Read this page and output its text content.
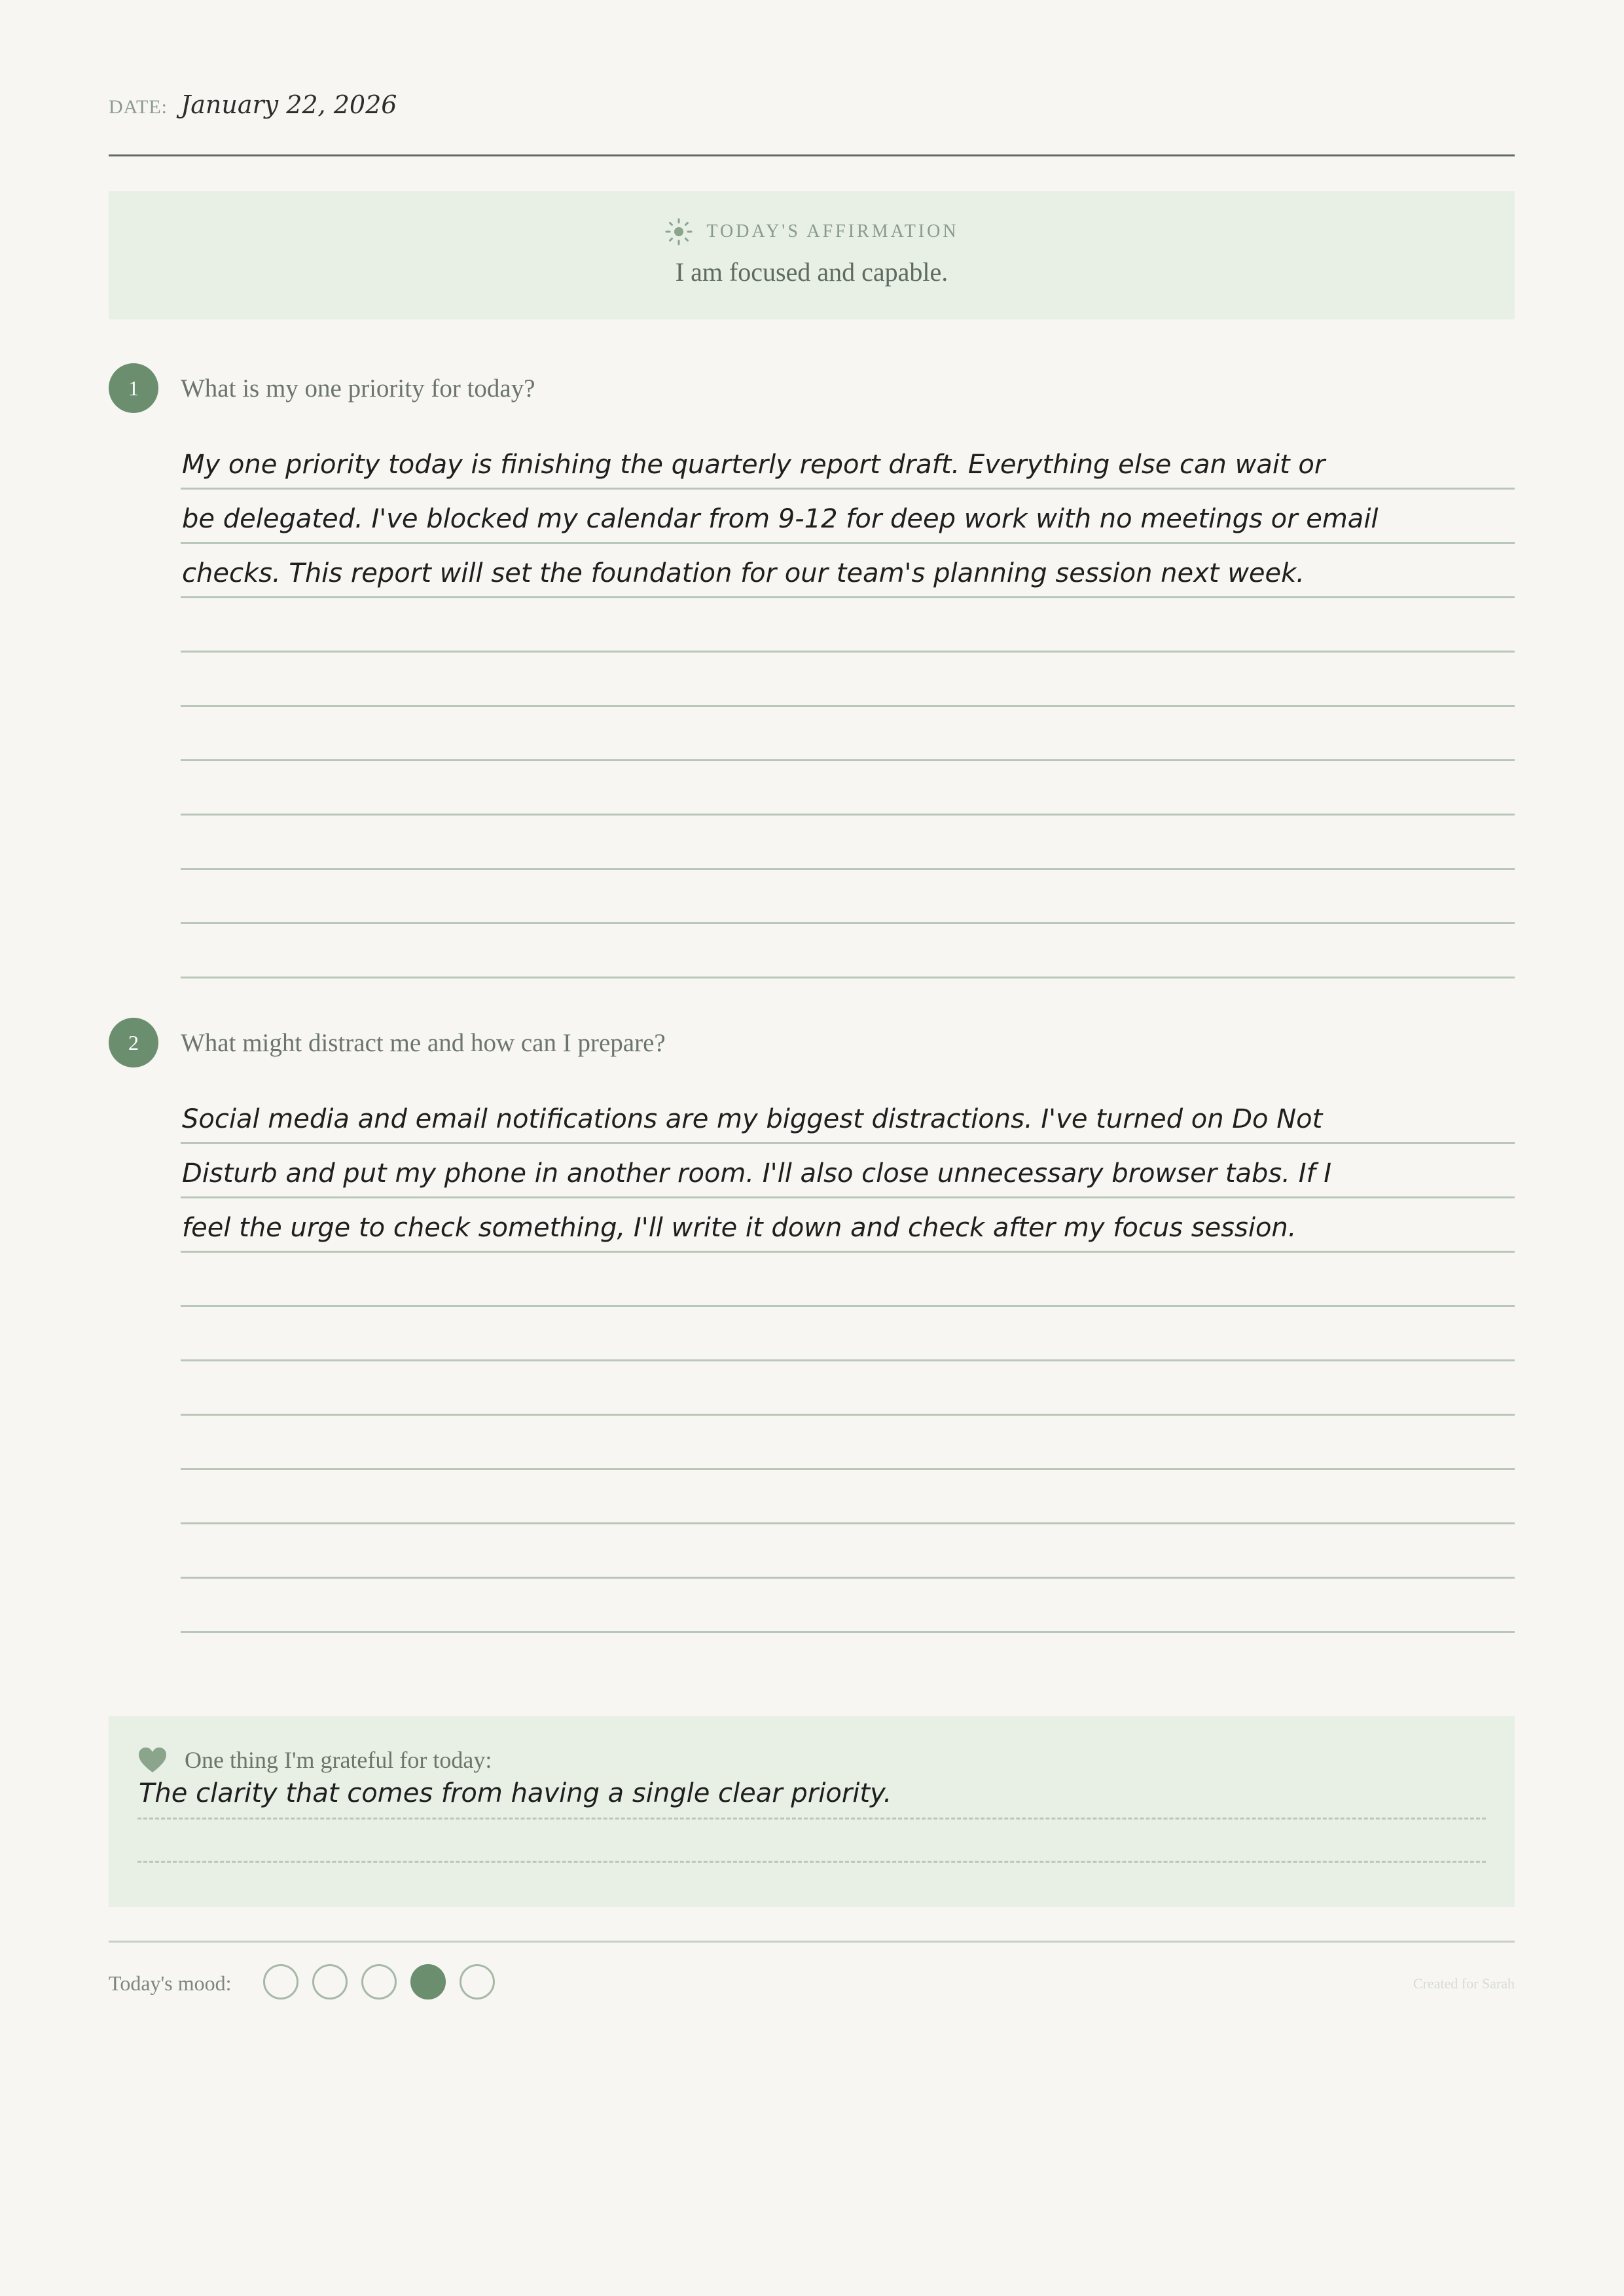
DATE: January 22, 2026
TODAY'S AFFIRMATION
I am focused and capable.
1	What is my one priority for today?
My one priority today is finishing the quarterly report draft. Everything else can wait or
be delegated. I've blocked my calendar from 9-12 for deep work with no meetings or email
checks. This report will set the foundation for our team's planning session next week.
2	What might distract me and how can I prepare?
Social media and email notifications are my biggest distractions. I've turned on Do Not
Disturb and put my phone in another room. I'll also close unnecessary browser tabs. If I
feel the urge to check something, I'll write it down and check after my focus session.
One thing I'm grateful for today:
The clarity that comes from having a single clear priority.
Today's mood:	Created for Sarah
